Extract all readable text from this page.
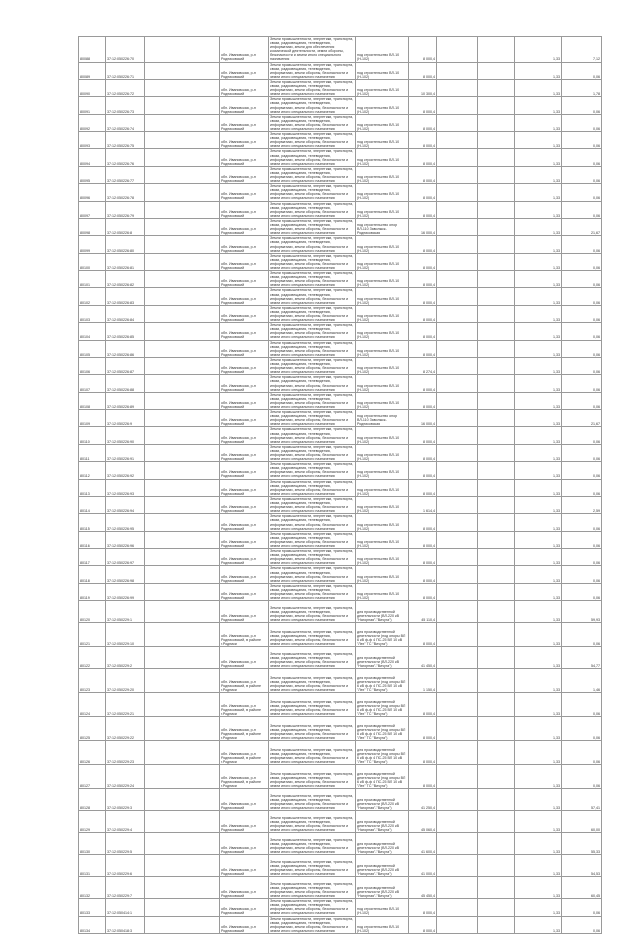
80088	37:12:050226:70		обл. Ивановская, р-н Родниковский	Земли промышленности, энергетики, транспорта, связи, радиовещания, телевидения, информатики, земли для обеспечения космической деятельности, земли обороны, безопасности и земли иного специального назначения	под строительство ВЛ-10 (Н-102)	8 000,4			1,33	7,12

80089	37:12:050226:71		обл. Ивановская, р-н Родниковский	Земли промышленности, энергетики, транспорта, связи, радиовещания, телевидения, информатики, земли обороны, безопасности и земли иного специального назначения	под строительство ВЛ-10 (Н-102)	8 000,4			1,33	0,06

80090	37:12:050226:72		обл. Ивановская, р-н Родниковский	Земли промышленности, энергетики, транспорта, связи, радиовещания, телевидения, информатики, земли обороны, безопасности и земли иного специального назначения	под строительство ВЛ-10 (Н-102)	10 300,4			1,33	1,78

80091	37:12:050226:73		обл. Ивановская, р-н Родниковский	Земли промышленности, энергетики, транспорта, связи, радиовещания, телевидения, информатики, земли обороны, безопасности и земли иного специального назначения	под строительство ВЛ-10 (Н-102)	8 000,4			1,33	0,06

80092	37:12:050226:74		обл. Ивановская, р-н Родниковский	Земли промышленности, энергетики, транспорта, связи, радиовещания, телевидения, информатики, земли обороны, безопасности и земли иного специального назначения	под строительство ВЛ-10 (Н-102)	8 000,4			1,33	0,06

80093	37:12:050226:75		обл. Ивановская, р-н Родниковский	Земли промышленности, энергетики, транспорта, связи, радиовещания, телевидения, информатики, земли обороны, безопасности и земли иного специального назначения	под строительство ВЛ-10 (Н-102)	8 000,4			1,33	0,06

80094	37:12:050226:76		обл. Ивановская, р-н Родниковский	Земли промышленности, энергетики, транспорта, связи, радиовещания, телевидения, информатики, земли обороны, безопасности и земли иного специального назначения	под строительство ВЛ-10 (Н-102)	8 000,4			1,33	0,06

80095	37:12:050226:77		обл. Ивановская, р-н Родниковский	Земли промышленности, энергетики, транспорта, связи, радиовещания, телевидения, информатики, земли обороны, безопасности и земли иного специального назначения	под строительство ВЛ-10 (Н-102)	8 000,4			1,33	0,06

80096	37:12:050226:78		обл. Ивановская, р-н Родниковский	Земли промышленности, энергетики, транспорта, связи, радиовещания, телевидения, информатики, земли обороны, безопасности и земли иного специального назначения	под строительство ВЛ-10 (Н-102)	8 000,4			1,33	0,06

80097	37:12:050226:79		обл. Ивановская, р-н Родниковский	Земли промышленности, энергетики, транспорта, связи, радиовещания, телевидения, информатики, земли обороны, безопасности и земли иного специального назначения	под строительство ВЛ-10 (Н-102)	8 000,4			1,33	0,06

80098	37:12:050226:8		обл. Ивановская, р-н Родниковский	Земли промышленности, энергетики, транспорта, связи, радиовещания, телевидения, информатики, земли обороны, безопасности и земли иного специального назначения	под строительство опор ВЛ-110 Заволжск-Родниковская	16 000,4			1,33	21,67

80099	37:12:050226:80		обл. Ивановская, р-н Родниковский	Земли промышленности, энергетики, транспорта, связи, радиовещания, телевидения, информатики, земли обороны, безопасности и земли иного специального назначения	под строительство ВЛ-10 (Н-102)	8 000,4			1,33	0,06

80100	37:12:050226:81		обл. Ивановская, р-н Родниковский	Земли промышленности, энергетики, транспорта, связи, радиовещания, телевидения, информатики, земли обороны, безопасности и земли иного специального назначения	под строительство ВЛ-10 (Н-102)	8 000,4			1,33	0,06

80101	37:12:050226:82		обл. Ивановская, р-н Родниковский	Земли промышленности, энергетики, транспорта, связи, радиовещания, телевидения, информатики, земли обороны, безопасности и земли иного специального назначения	под строительство ВЛ-10 (Н-102)	8 000,4			1,33	0,06

80102	37:12:050226:83		обл. Ивановская, р-н Родниковский	Земли промышленности, энергетики, транспорта, связи, радиовещания, телевидения, информатики, земли обороны, безопасности и земли иного специального назначения	под строительство ВЛ-10 (Н-102)	8 000,4			1,33	0,06

80103	37:12:050226:84		обл. Ивановская, р-н Родниковский	Земли промышленности, энергетики, транспорта, связи, радиовещания, телевидения, информатики, земли обороны, безопасности и земли иного специального назначения	под строительство ВЛ-10 (Н-102)	8 000,4			1,33	0,06

80104	37:12:050226:85		обл. Ивановская, р-н Родниковский	Земли промышленности, энергетики, транспорта, связи, радиовещания, телевидения, информатики, земли обороны, безопасности и земли иного специального назначения	под строительство ВЛ-10 (Н-102)	8 000,4			1,33	0,06

80105	37:12:050226:86		обл. Ивановская, р-н Родниковский	Земли промышленности, энергетики, транспорта, связи, радиовещания, телевидения, информатики, земли обороны, безопасности и земли иного специального назначения	под строительство ВЛ-10 (Н-102)	8 000,4			1,33	0,06

80106	37:12:050226:87		обл. Ивановская, р-н Родниковский	Земли промышленности, энергетики, транспорта, связи, радиовещания, телевидения, информатики, земли обороны, безопасности и земли иного специального назначения	под строительство ВЛ-10 (Н-102)	8 274,4			1,33	0,06

80107	37:12:050226:88		обл. Ивановская, р-н Родниковский	Земли промышленности, энергетики, транспорта, связи, радиовещания, телевидения, информатики, земли обороны, безопасности и земли иного специального назначения	под строительство ВЛ-10 (Н-102)	8 000,4			1,33	0,06

80108	37:12:050226:89		обл. Ивановская, р-н Родниковский	Земли промышленности, энергетики, транспорта, связи, радиовещания, телевидения, информатики, земли обороны, безопасности и земли иного специального назначения	под строительство ВЛ-10 (Н-102)	8 000,4			1,33	0,06

80109	37:12:050226:9		обл. Ивановская, р-н Родниковский	Земли промышленности, энергетики, транспорта, связи, радиовещания, телевидения, информатики, земли обороны, безопасности и земли иного специального назначения	под строительство опор ВЛ-110 Заволжск-Родниковская	16 000,4			1,33	21,67

80110	37:12:050226:90		обл. Ивановская, р-н Родниковский	Земли промышленности, энергетики, транспорта, связи, радиовещания, телевидения, информатики, земли обороны, безопасности и земли иного специального назначения	под строительство ВЛ-10 (Н-102)	8 000,4			1,33	0,06

80111	37:12:050226:91		обл. Ивановская, р-н Родниковский	Земли промышленности, энергетики, транспорта, связи, радиовещания, телевидения, информатики, земли обороны, безопасности и земли иного специального назначения	под строительство ВЛ-10 (Н-102)	8 000,4			1,33	0,06

80112	37:12:050226:92		обл. Ивановская, р-н Родниковский	Земли промышленности, энергетики, транспорта, связи, радиовещания, телевидения, информатики, земли обороны, безопасности и земли иного специального назначения	под строительство ВЛ-10 (Н-102)	8 000,4			1,33	0,06

80113	37:12:050226:93		обл. Ивановская, р-н Родниковский	Земли промышленности, энергетики, транспорта, связи, радиовещания, телевидения, информатики, земли обороны, безопасности и земли иного специального назначения	под строительство ВЛ-10 (Н-102)	8 000,4			1,33	0,06

80114	37:12:050226:94		обл. Ивановская, р-н Родниковский	Земли промышленности, энергетики, транспорта, связи, радиовещания, телевидения, информатики, земли обороны, безопасности и земли иного специального назначения	под строительство ВЛ-10 (Н-102)	1 614,4			1,33	2,59

80115	37:12:050226:95		обл. Ивановская, р-н Родниковский	Земли промышленности, энергетики, транспорта, связи, радиовещания, телевидения, информатики, земли обороны, безопасности и земли иного специального назначения	под строительство ВЛ-10 (Н-102)	8 000,4			1,33	0,06

80116	37:12:050226:96		обл. Ивановская, р-н Родниковский	Земли промышленности, энергетики, транспорта, связи, радиовещания, телевидения, информатики, земли обороны, безопасности и земли иного специального назначения	под строительство ВЛ-10 (Н-102)	8 000,4			1,33	0,06

80117	37:12:050226:97		обл. Ивановская, р-н Родниковский	Земли промышленности, энергетики, транспорта, связи, радиовещания, телевидения, информатики, земли обороны, безопасности и земли иного специального назначения	под строительство ВЛ-10 (Н-102)	8 000,4			1,33	0,06

80118	37:12:050226:98		обл. Ивановская, р-н Родниковский	Земли промышленности, энергетики, транспорта, связи, радиовещания, телевидения, информатики, земли обороны, безопасности и земли иного специального назначения	под строительство ВЛ-10 (Н-102)	8 000,4			1,33	0,06

80119	37:12:050226:99		обл. Ивановская, р-н Родниковский	Земли промышленности, энергетики, транспорта, связи, радиовещания, телевидения, информатики, земли обороны, безопасности и земли иного специального назначения	под строительство ВЛ-10 (Н-102)	8 000,4			1,33	0,06

80120	37:12:050229:1		обл. Ивановская, р-н Родниковский	Земли промышленности, энергетики, транспорта, связи, радиовещания, телевидения, информатики, земли обороны, безопасности и земли иного специального назначения	для производственной деятельности (ВЛ-220 кВ "Нагорная"-"Вичуга")	45 110,4			1,33	59,93

80121	37:12:050229:10		обл. Ивановская, р-н Родниковский, в районе г.Родники	Земли промышленности, энергетики, транспорта, связи, радиовещания, телевидения, информатики, земли обороны, безопасности и земли иного специального назначения	для производственной деятельности (под опоры ВЛ 6 кВ ф-ф 4 ПС-25 ВЛ 10 кВ "Лех" ТС "Вичуга")	8 000,4			1,33	0,06

80122	37:12:050229:2		обл. Ивановская, р-н Родниковский	Земли промышленности, энергетики, транспорта, связи, радиовещания, телевидения, информатики, земли обороны, безопасности и земли иного специального назначения	для производственной деятельности (ВЛ-220 кВ "Нагорная"-"Вичуга")	41 450,4			1,33	54,77

80123	37:12:050229:20		обл. Ивановская, р-н Родниковский, в районе г.Родники	Земли промышленности, энергетики, транспорта, связи, радиовещания, телевидения, информатики, земли обороны, безопасности и земли иного специального назначения	для производственной деятельности (под опоры ВЛ 6 кВ ф-ф 4 ПС-25 ВЛ 10 кВ "Лех" ТС "Вичуга")	1 150,4			1,33	1,46

80124	37:12:050229:21		обл. Ивановская, р-н Родниковский, в районе г.Родники	Земли промышленности, энергетики, транспорта, связи, радиовещания, телевидения, информатики, земли обороны, безопасности и земли иного специального назначения	для производственной деятельности (под опоры ВЛ 6 кВ ф-ф 4 ПС-25 ВЛ 10 кВ "Лех" ТС "Вичуга")	8 000,4			1,33	0,06

80125	37:12:050229:22		обл. Ивановская, р-н Родниковский, в районе г.Родники	Земли промышленности, энергетики, транспорта, связи, радиовещания, телевидения, информатики, земли обороны, безопасности и земли иного специального назначения	для производственной деятельности (под опоры ВЛ 6 кВ ф-ф 4 ПС-25 ВЛ 10 кВ "Лех" ТС "Вичуга")	8 000,4			1,33	0,06

80126	37:12:050229:23		обл. Ивановская, р-н Родниковский, в районе г.Родники	Земли промышленности, энергетики, транспорта, связи, радиовещания, телевидения, информатики, земли обороны, безопасности и земли иного специального назначения	для производственной деятельности (под опоры ВЛ 6 кВ ф-ф 4 ПС-25 ВЛ 10 кВ "Лех" ТС "Вичуга")	8 000,4			1,33	0,06

80127	37:12:050229:24		обл. Ивановская, р-н Родниковский, в районе г.Родники	Земли промышленности, энергетики, транспорта, связи, радиовещания, телевидения, информатики, земли обороны, безопасности и земли иного специального назначения	для производственной деятельности (под опоры ВЛ 6 кВ ф-ф 4 ПС-25 ВЛ 10 кВ "Лех" ТС "Вичуга")	8 000,4			1,33	0,06

80128	37:12:050229:3		обл. Ивановская, р-н Родниковский	Земли промышленности, энергетики, транспорта, связи, радиовещания, телевидения, информатики, земли обороны, безопасности и земли иного специального назначения	для производственной деятельности (ВЛ-220 кВ "Нагорная"-"Вичуга")	41 250,4			1,33	57,41

80129	37:12:050229:4		обл. Ивановская, р-н Родниковский	Земли промышленности, энергетики, транспорта, связи, радиовещания, телевидения, информатики, земли обороны, безопасности и земли иного специального назначения	для производственной деятельности (ВЛ-220 кВ "Нагорная"-"Вичуга")	45 060,4			1,33	60,00

80130	37:12:050229:5		обл. Ивановская, р-н Родниковский	Земли промышленности, энергетики, транспорта, связи, радиовещания, телевидения, информатики, земли обороны, безопасности и земли иного специального назначения	для производственной деятельности (ВЛ-220 кВ "Нагорная"-"Вичуга")	41 600,4			1,33	55,33

80131	37:12:050229:6		обл. Ивановская, р-н Родниковский	Земли промышленности, энергетики, транспорта, связи, радиовещания, телевидения, информатики, земли обороны, безопасности и земли иного специального назначения	для производственной деятельности (ВЛ-220 кВ "Нагорная"-"Вичуга")	41 000,4			1,33	54,53

80132	37:12:050229:7		обл. Ивановская, р-н Родниковский	Земли промышленности, энергетики, транспорта, связи, радиовещания, телевидения, информатики, земли обороны, безопасности и земли иного специального назначения	для производственной деятельности (ВЛ-220 кВ "Нагорная"-"Вичуга")	45 450,4			1,33	60,45

80133	37:12:050414:1		обл. Ивановская, р-н Родниковский	Земли промышленности, энергетики, транспорта, связи, радиовещания, телевидения, информатики, земли обороны, безопасности и земли иного специального назначения	под строительство ВЛ-10 (Н-102)	8 000,4			1,33	0,06

80134	37:12:050418:3		обл. Ивановская, р-н Родниковский	Земли промышленности, энергетики, транспорта, связи, радиовещания, телевидения, информатики, земли обороны, безопасности и земли иного специального назначения	под строительство ВЛ-10 (Н-102)	8 000,4			1,33	0,06
